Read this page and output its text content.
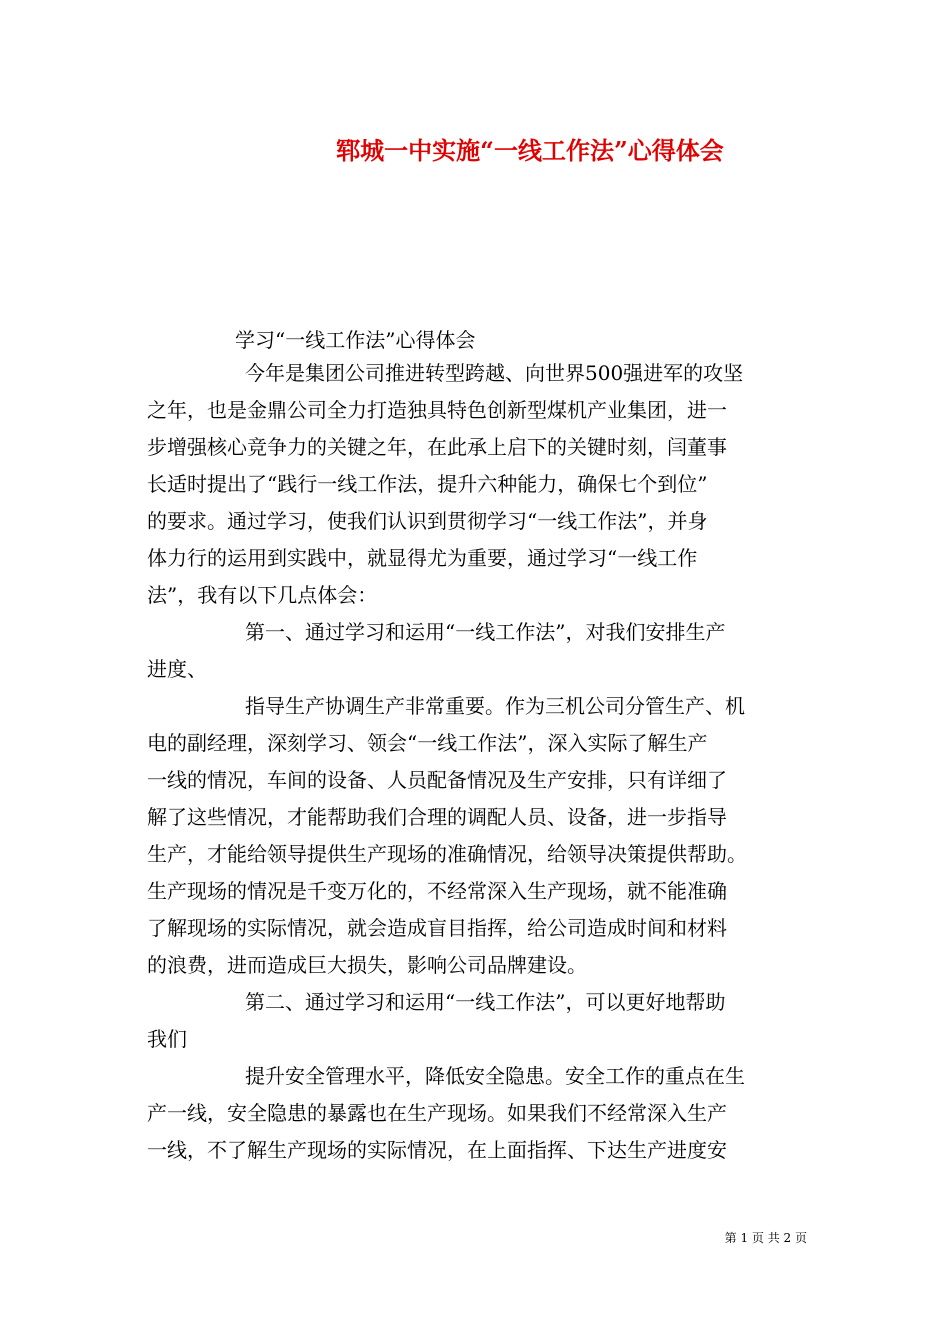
郓城一中实施“一线工作法”心得体会
学习“一线工作法”心得体会
今年是集团公司推进转型跨越、向世界500强进军的攻坚
之年，也是金鼎公司全力打造独具特色创新型煤机产业集团，进一
步增强核心竞争力的关键之年，在此承上启下的关键时刻，闫董事
长适时提出了“践行一线工作法，提升六种能力，确保七个到位”
的要求。通过学习，使我们认识到贯彻学习“一线工作法”，并身
体力行的运用到实践中，就显得尤为重要，通过学习“一线工作
法”，我有以下几点体会：
第一、通过学习和运用“一线工作法”，对我们安排生产
进度、
指导生产协调生产非常重要。作为三机公司分管生产、机
电的副经理，深刻学习、领会“一线工作法”，深入实际了解生产
一线的情况，车间的设备、人员配备情况及生产安排，只有详细了
解了这些情况，才能帮助我们合理的调配人员、设备，进一步指导
生产，才能给领导提供生产现场的准确情况，给领导决策提供帮助。
生产现场的情况是千变万化的，不经常深入生产现场，就不能准确
了解现场的实际情况，就会造成盲目指挥，给公司造成时间和材料
的浪费，进而造成巨大损失，影响公司品牌建设。
第二、通过学习和运用“一线工作法”，可以更好地帮助
我们
提升安全管理水平，降低安全隐患。安全工作的重点在生
产一线，安全隐患的暴露也在生产现场。如果我们不经常深入生产
一线，不了解生产现场的实际情况，在上面指挥、下达生产进度安
第 1 页 共 2 页
